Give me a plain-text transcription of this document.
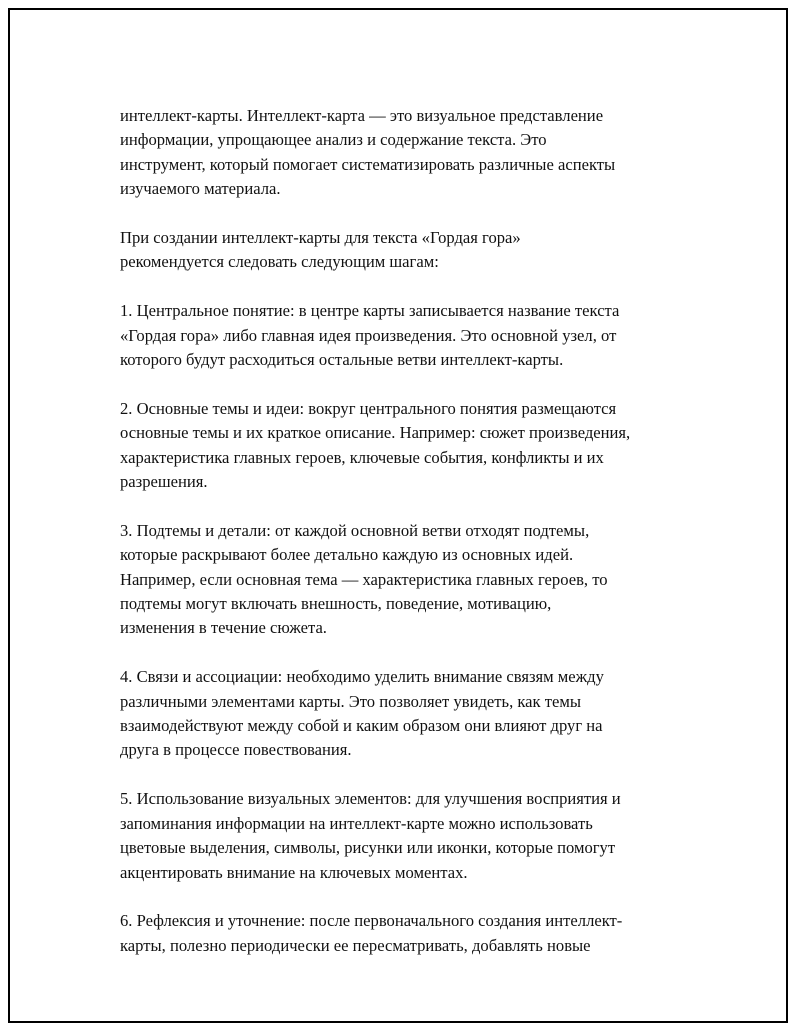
интеллект-карты. Интеллект-карта — это визуальное представление
информации, упрощающее анализ и содержание текста. Это
инструмент, который помогает систематизировать различные аспекты
изучаемого материала.

При создании интеллект-карты для текста «Гордая гора»
рекомендуется следовать следующим шагам:

1. Центральное понятие: в центре карты записывается название текста
«Гордая гора» либо главная идея произведения. Это основной узел, от
которого будут расходиться остальные ветви интеллект-карты.

2. Основные темы и идеи: вокруг центрального понятия размещаются
основные темы и их краткое описание. Например: сюжет произведения,
характеристика главных героев, ключевые события, конфликты и их
разрешения.

3. Подтемы и детали: от каждой основной ветви отходят подтемы,
которые раскрывают более детально каждую из основных идей.
Например, если основная тема — характеристика главных героев, то
подтемы могут включать внешность, поведение, мотивацию,
изменения в течение сюжета.

4. Связи и ассоциации: необходимо уделить внимание связям между
различными элементами карты. Это позволяет увидеть, как темы
взаимодействуют между собой и каким образом они влияют друг на
друга в процессе повествования.

5. Использование визуальных элементов: для улучшения восприятия и
запоминания информации на интеллект-карте можно использовать
цветовые выделения, символы, рисунки или иконки, которые помогут
акцентировать внимание на ключевых моментах.

6. Рефлексия и уточнение: после первоначального создания интеллект-
карты, полезно периодически ее пересматривать, добавлять новые
